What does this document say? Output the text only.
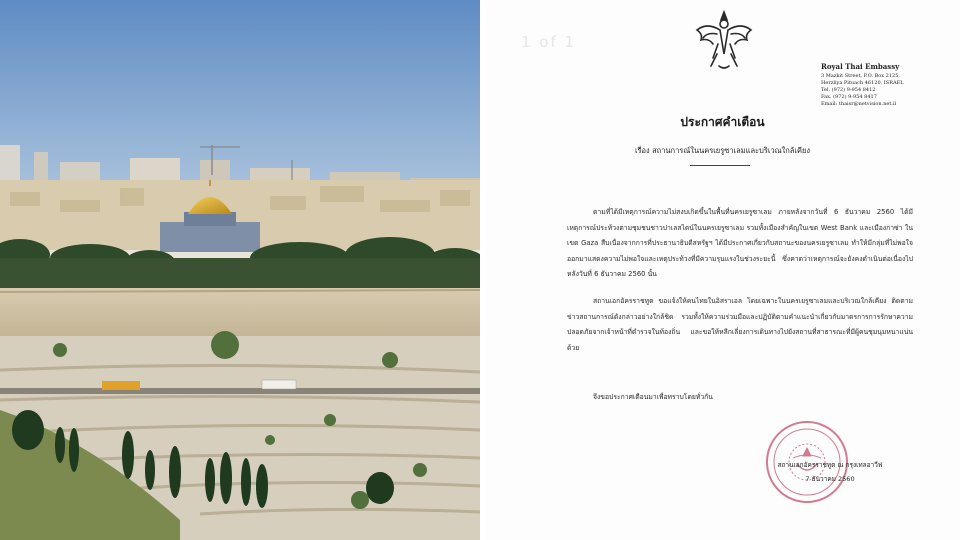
1 of 1
Royal Thai Embassy
3 Mazkit Street, P.O. Box 2125,
Herzliya Pituach 46120, ISRAEL
Tel. (972) 9-954 8412
Fax. (972) 9-954 8417
Email: thaisr@netvision.net.il
ประกาศคำเตือน
เรื่อง สถานการณ์ในนครเยรูซาเลมและบริเวณใกล้เคียง
ตามที่ได้มีเหตุการณ์ความไม่สงบเกิดขึ้นในพื้นที่นครเยรูซาเลม ภายหลังจากวันที่ 6 ธันวาคม 2560 ได้มีเหตุการณ์ประท้วงตามชุมชนชาวปาเลสไตน์ในนครเยรูซาเลม รวมทั้งเมืองสำคัญในเขต West Bank และเมืองกาซ่า ในเขต Gaza สืบเนื่องจากการที่ประธานาธิบดีสหรัฐฯ ได้มีประกาศเกี่ยวกับสถานะของนครเยรูซาเลม ทำให้มีกลุ่มที่ไม่พอใจออกมาแสดงความไม่พอใจและเหตุประท้วงที่มีความรุนแรงในช่วงระยะนี้ ซึ่งคาดว่าเหตุการณ์จะยังคงดำเนินต่อเนื่องไปหลังวันที่ 6 ธันวาคม 2560 นั้น
สถานเอกอัครราชทูต ขอแจ้งให้คนไทยในอิสราเอล โดยเฉพาะในนครเยรูซาเลมและบริเวณใกล้เคียง ติดตามข่าวสถานการณ์ดังกล่าวอย่างใกล้ชิด รวมทั้งให้ความร่วมมือและปฏิบัติตามคำแนะนำเกี่ยวกับมาตรการการรักษาความปลอดภัยจากเจ้าหน้าที่ตำรวจในท้องถิ่น และขอให้หลีกเลี่ยงการเดินทางไปยังสถานที่สาธารณะที่มีผู้คนชุมนุมหนาแน่นด้วย
จึงขอประกาศเตือนมาเพื่อทราบโดยทั่วกัน
สถานเอกอัครราชทูต ณ กรุงเทลอาวีฟ
7 ธันวาคม 2560
